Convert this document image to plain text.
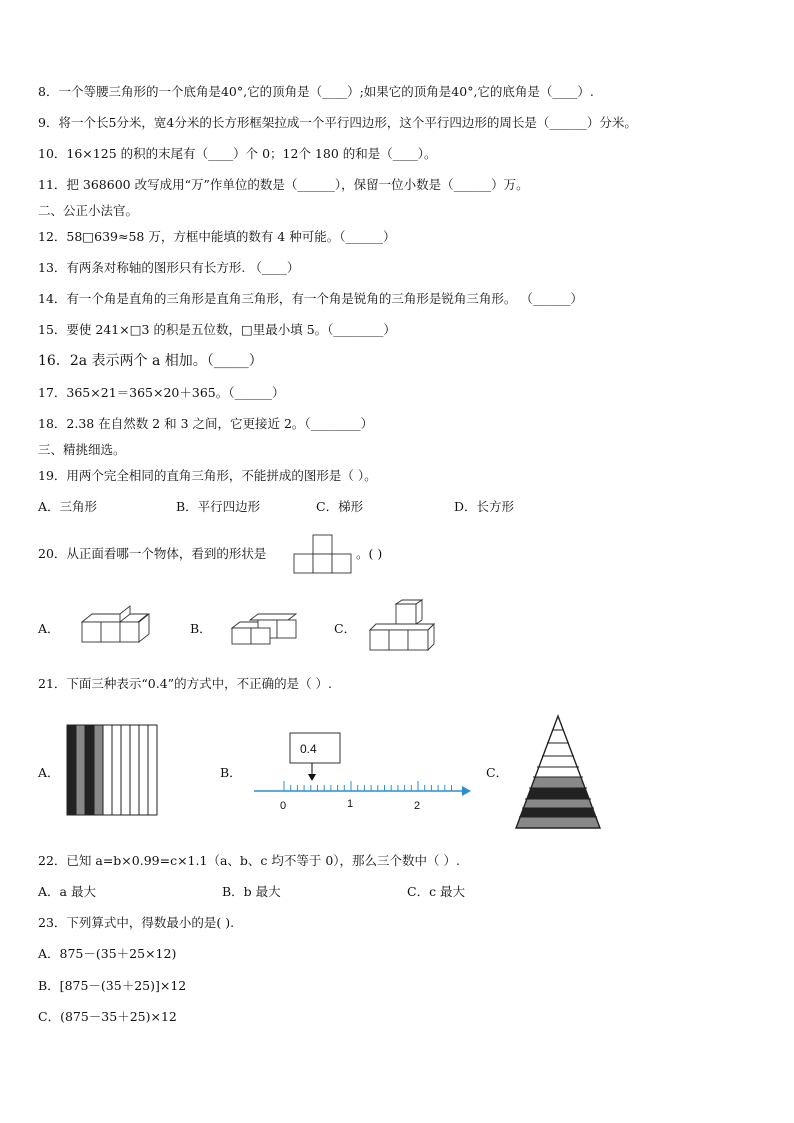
8．一个等腰三角形的一个底角是40°,它的顶角是（____）;如果它的顶角是40°,它的底角是（____）.
9．将一个长5分米，宽4分米的长方形框架拉成一个平行四边形，这个平行四边形的周长是（______）分米。
10．16×125 的积的末尾有（____）个 0；12个 180 的和是（____）。
11．把 368600 改写成用“万”作单位的数是（______），保留一位小数是（______）万。
二、公正小法官。
12．58□639≈58 万，方框中能填的数有 4 种可能。（______）
13．有两条对称轴的图形只有长方形. （____）
14．有一个角是直角的三角形是直角三角形，有一个角是锐角的三角形是锐角三角形。 （______）
15．要使 241×□3 的积是五位数，□里最小填 5。（________）
16．2a 表示两个 a 相加。（_____）
17．365×21＝365×20＋365。（______）
18．2.38 在自然数 2 和 3 之间，它更接近 2。（________）
三、精挑细选。
19．用两个完全相同的直角三角形，不能拼成的图形是（ ）。
A．三角形	B．平行四边形	C．梯形	D．长方形
20．从正面看哪一个物体，看到的形状是	。( )
A．	B．	C．
21．下面三种表示“0.4”的方式中，不正确的是（ ）.
A．	B．
0.4
0	1	2
C．
22．已知 a=b×0.99=c×1.1（a、b、c 均不等于 0），那么三个数中（ ）.
A．a 最大	B．b 最大	C．c 最大
23．下列算式中，得数最小的是( ).
A．875－(35＋25×12)
B．[875－(35＋25)]×12
C．(875－35＋25)×12
